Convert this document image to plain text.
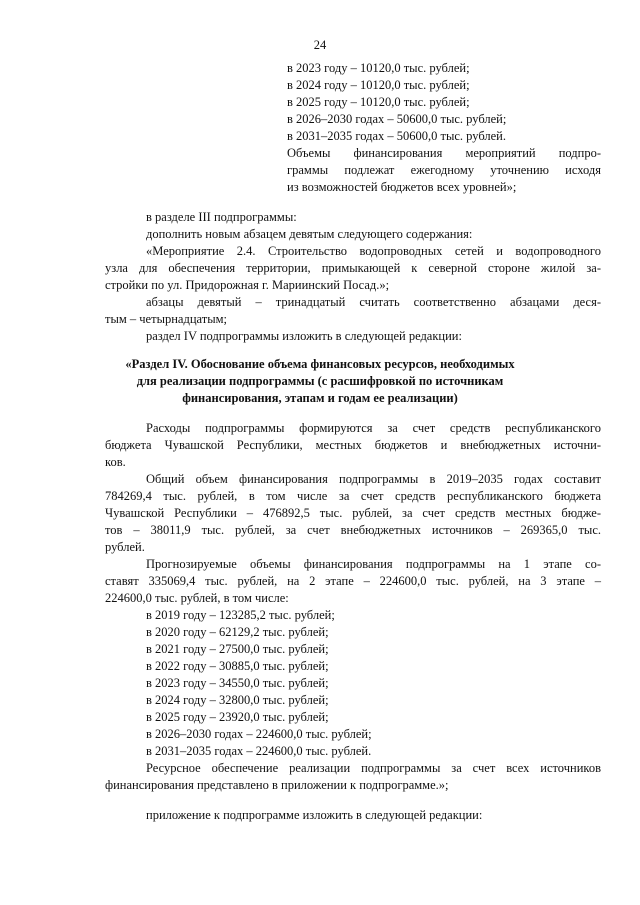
24
в 2023 году – 10120,0 тыс. рублей;
в 2024 году – 10120,0 тыс. рублей;
в 2025 году – 10120,0 тыс. рублей;
в 2026–2030 годах – 50600,0 тыс. рублей;
в 2031–2035 годах – 50600,0 тыс. рублей.
Объемы финансирования мероприятий подпро-
граммы подлежат ежегодному уточнению исходя
из возможностей бюджетов всех уровней»;
в разделе III подпрограммы:
дополнить новым абзацем девятым следующего содержания:
«Мероприятие 2.4. Строительство водопроводных сетей и водопроводного
узла для обеспечения территории, примыкающей к северной стороне жилой за-
стройки по ул. Придорожная г. Мариинский Посад.»;
абзацы девятый – тринадцатый считать соответственно абзацами деся-
тым – четырнадцатым;
раздел IV подпрограммы изложить в следующей редакции:
«Раздел IV. Обоснование объема финансовых ресурсов, необходимых
для реализации подпрограммы (с расшифровкой по источникам
финансирования, этапам и годам ее реализации)
Расходы подпрограммы формируются за счет средств республиканского
бюджета Чувашской Республики, местных бюджетов и внебюджетных источни-
ков.
Общий объем финансирования подпрограммы в 2019–2035 годах составит
784269,4 тыс. рублей, в том числе за счет средств республиканского бюджета
Чувашской Республики – 476892,5 тыс. рублей, за счет средств местных бюдже-
тов – 38011,9 тыс. рублей, за счет внебюджетных источников – 269365,0 тыс.
рублей.
Прогнозируемые объемы финансирования подпрограммы на 1 этапе со-
ставят 335069,4 тыс. рублей, на 2 этапе – 224600,0 тыс. рублей, на 3 этапе –
224600,0 тыс. рублей, в том числе:
в 2019 году – 123285,2 тыс. рублей;
в 2020 году – 62129,2 тыс. рублей;
в 2021 году – 27500,0 тыс. рублей;
в 2022 году – 30885,0 тыс. рублей;
в 2023 году – 34550,0 тыс. рублей;
в 2024 году – 32800,0 тыс. рублей;
в 2025 году – 23920,0 тыс. рублей;
в 2026–2030 годах – 224600,0 тыс. рублей;
в 2031–2035 годах – 224600,0 тыс. рублей.
Ресурсное обеспечение реализации подпрограммы за счет всех источников
финансирования представлено в приложении к подпрограмме.»;
приложение к подпрограмме изложить в следующей редакции:
